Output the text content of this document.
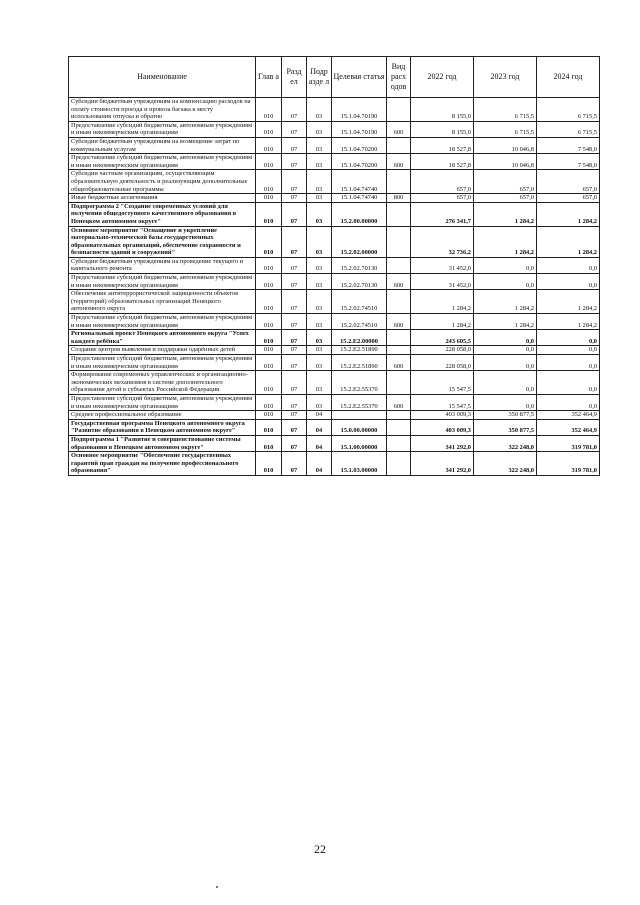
Наименование	Глав а	Разд ел	Подр азде л	Целевая статья	Вид расх одов	2022 год	2023 год	2024 год
Субсидии бюджетным учреждениям на компенсацию расходов на оплату стоимости проезда и провоза багажа к месту использования отпуска и обратно	010	07	03	15.1.04.70190		8 155,0	6 715,5	6 715,5
Предоставление субсидий бюджетным, автономным учреждениям и иным некоммерческим организациям	010	07	03	15.1.04.70190	600	8 155,0	6 715,5	6 715,5
Субсидии бюджетным учреждениям на возмещение затрат по коммунальным услугам	010	07	03	15.1.04.70200		18 527,8	10 046,8	7 548,0
Предоставление субсидий бюджетным, автономным учреждениям и иным некоммерческим организациям	010	07	03	15.1.04.70200	600	18 527,8	10 046,8	7 548,0
Субсидии частным организациям, осуществляющим образовательную деятельность и реализующим дополнительные общеобразовательные программы	010	07	03	15.1.04.74740		657,0	657,0	657,0
Иные бюджетные ассигнования	010	07	03	15.1.04.74740	800	657,0	657,0	657,0
Подпрограмма 2 "Создание современных условий для получения общедоступного качественного образования в Ненецком автономном округе"	010	07	03	15.2.00.00000		276 341,7	1 284,2	1 284,2
Основное мероприятие "Оснащение и укрепление материально-технической базы государственных образовательных организаций, обеспечение сохранности и безопасности зданий и сооружений"	010	07	03	15.2.02.00000		32 736,2	1 284,2	1 284,2
Субсидии бюджетным учреждениям на проведение текущего и капитального ремонта	010	07	03	15.2.02.70130		31 452,0	0,0	0,0
Предоставление субсидий бюджетным, автономным учреждениям и иным некоммерческим организациям	010	07	03	15.2.02.70130	600	31 452,0	0,0	0,0
Обеспечение антитеррористической защищенности объектов (территорий) образовательных организаций Ненецкого автономного округа	010	07	03	15.2.02.74510		1 284,2	1 284,2	1 284,2
Предоставление субсидий бюджетным, автономным учреждениям и иным некоммерческим организациям	010	07	03	15.2.02.74510	600	1 284,2	1 284,2	1 284,2
Региональный проект Ненецкого автономного округа "Успех каждого ребёнка"	010	07	03	15.2.E2.00000		243 605,5	0,0	0,0
Создание центров выявления и поддержки одарённых детей	010	07	03	15.2.E2.51890		228 058,0	0,0	0,0
Предоставление субсидий бюджетным, автономным учреждениям и иным некоммерческим организациям	010	07	03	15.2.E2.51890	600	228 058,0	0,0	0,0
Формирование современных управленческих и организационно-экономических механизмов в системе дополнительного образования детей в субъектах Российской Федерации	010	07	03	15.2.E2.55370		15 547,5	0,0	0,0
Предоставление субсидий бюджетным, автономным учреждениям и иным некоммерческим организациям	010	07	03	15.2.E2.55370	600	15 547,5	0,0	0,0
Среднее профессиональное образование	010	07	04			403 009,3	350 877,5	352 464,9
Государственная программа Ненецкого автономного округа "Развитие образования в Ненецком автономном округе"	010	07	04	15.0.00.00000		403 009,3	350 877,5	352 464,9
Подпрограмма 1 "Развитие и совершенствование системы образования в Ненецком автономном округе"	010	07	04	15.1.00.00000		341 292,0	322 248,0	319 781,0
Основное мероприятие "Обеспечение государственных гарантий прав граждан на получение профессионального образования"	010	07	04	15.1.03.00000		341 292,0	322 248,0	319 781,0
22
